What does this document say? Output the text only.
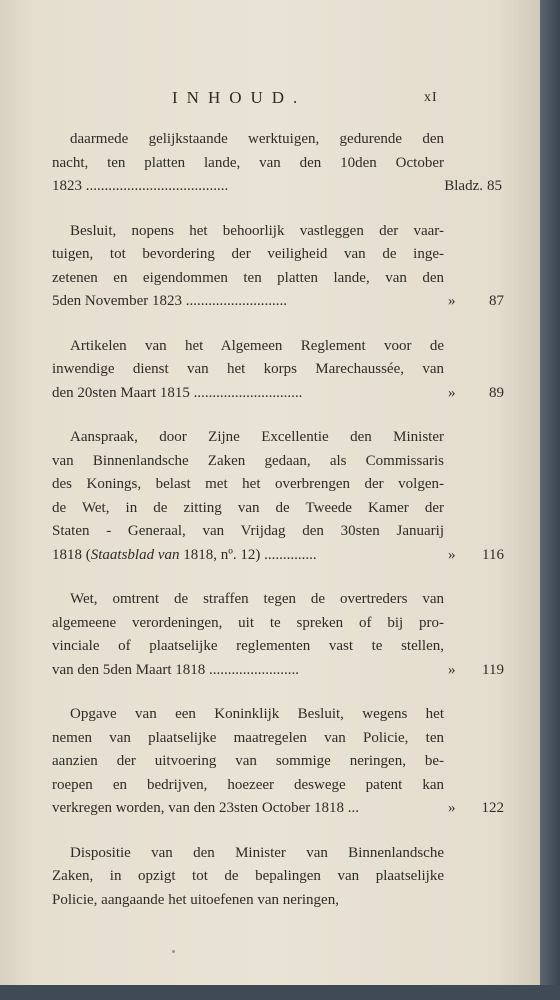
INHOUD.	xI
daarmede gelijkstaande werktuigen, gedurende den
nacht, ten platten lande, van den 10den October
1823 ......................................	Bladz. 85
Besluit, nopens het behoorlijk vastleggen der vaar-
tuigen, tot bevordering der veiligheid van de inge-
zetenen en eigendommen ten platten lande, van den
5den November 1823 ...........................	» 87
Artikelen van het Algemeen Reglement voor de
inwendige dienst van het korps Marechaussée, van
den 20sten Maart 1815 .............................	» 89
Aanspraak, door Zijne Excellentie den Minister
van Binnenlandsche Zaken gedaan, als Commissaris
des Konings, belast met het overbrengen der volgen-
de Wet, in de zitting van de Tweede Kamer der
Staten - Generaal, van Vrijdag den 30sten Januarij
1818 (Staatsblad van 1818, nº. 12) ..............	» 116
Wet, omtrent de straffen tegen de overtreders van
algemeene verordeningen, uit te spreken of bij pro-
vinciale of plaatselijke reglementen vast te stellen,
van den 5den Maart 1818 ........................	» 119
Opgave van een Koninklijk Besluit, wegens het
nemen van plaatselijke maatregelen van Policie, ten
aanzien der uitvoering van sommige neringen, be-
roepen en bedrijven, hoezeer deswege patent kan
verkregen worden, van den 23sten October 1818 ...	» 122
Dispositie van den Minister van Binnenlandsche
Zaken, in opzigt tot de bepalingen van plaatselijke
Policie, aangaande het uitoefenen van neringen,
